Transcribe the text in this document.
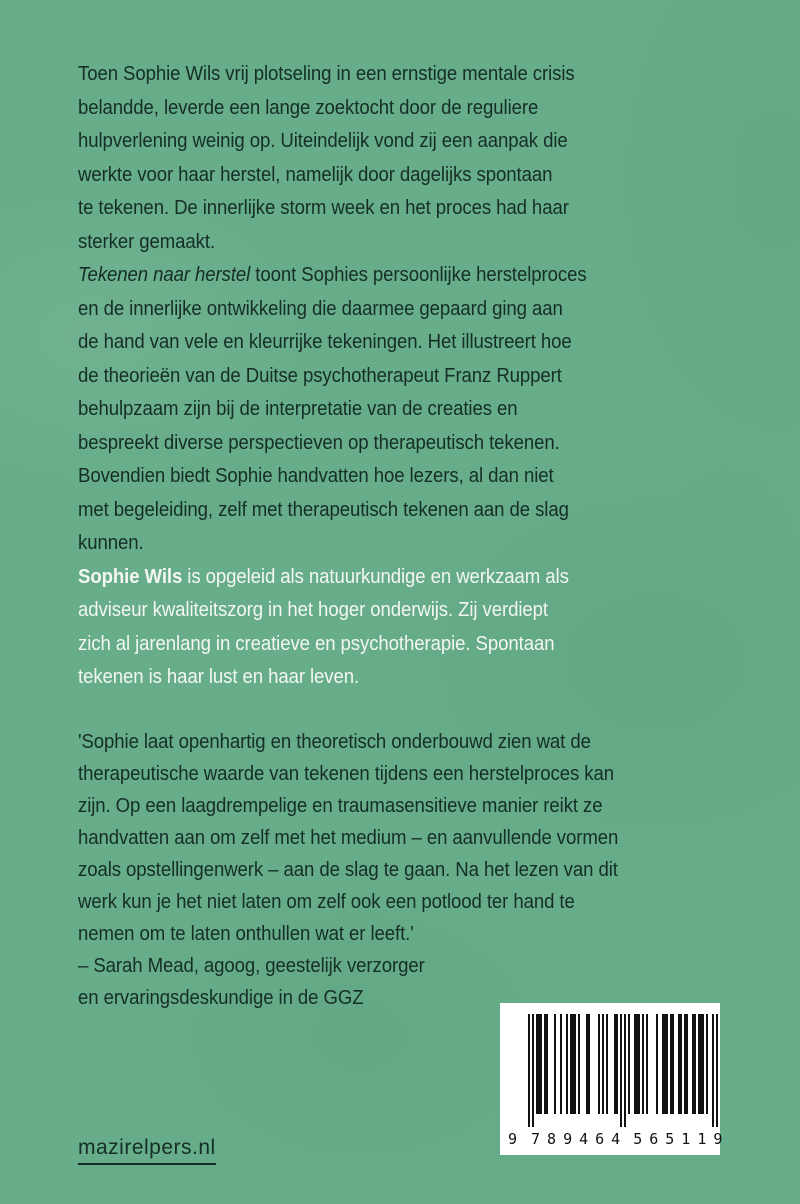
Toen Sophie Wils vrij plotseling in een ernstige mentale crisis
belandde, leverde een lange zoektocht door de reguliere
hulpverlening weinig op. Uiteindelijk vond zij een aanpak die
werkte voor haar herstel, namelijk door dagelijks spontaan
te tekenen. De innerlijke storm week en het proces had haar
sterker gemaakt.
Tekenen naar herstel toont Sophies persoonlijke herstelproces
en de innerlijke ontwikkeling die daarmee gepaard ging aan
de hand van vele en kleurrijke tekeningen. Het illustreert hoe
de theorieën van de Duitse psychotherapeut Franz Ruppert
behulpzaam zijn bij de interpretatie van de creaties en
bespreekt diverse perspectieven op therapeutisch tekenen.
Bovendien biedt Sophie handvatten hoe lezers, al dan niet
met begeleiding, zelf met therapeutisch tekenen aan de slag
kunnen.
Sophie Wils is opgeleid als natuurkundige en werkzaam als
adviseur kwaliteitszorg in het hoger onderwijs. Zij verdiept
zich al jarenlang in creatieve en psychotherapie. Spontaan
tekenen is haar lust en haar leven.
'Sophie laat openhartig en theoretisch onderbouwd zien wat de
therapeutische waarde van tekenen tijdens een herstelproces kan
zijn. Op een laagdrempelige en traumasensitieve manier reikt ze
handvatten aan om zelf met het medium – en aanvullende vormen
zoals opstellingenwerk – aan de slag te gaan. Na het lezen van dit
werk kun je het niet laten om zelf ook een potlood ter hand te
nemen om te laten onthullen wat er leeft.'
– Sarah Mead, agoog, geestelijk verzorger
en ervaringsdeskundige in de GGZ
9 789464 565119
mazirelpers.nl
